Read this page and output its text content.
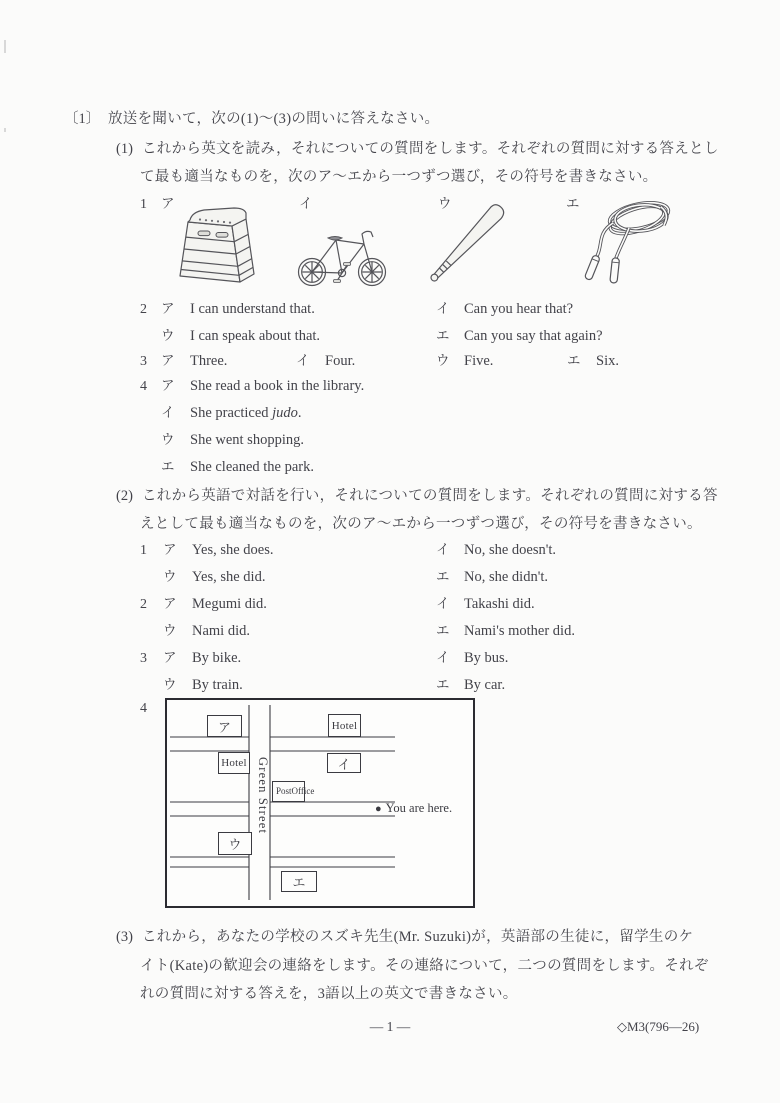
〔1〕 放送を聞いて，次の(1)～(3)の問いに答えなさい。
(1) これから英文を読み，それについての質問をします。それぞれの質問に対する答えとし
て最も適当なものを，次のア～エから一つずつ選び，その符号を書きなさい。
1 ア	イ	ウ	エ
2 ア I can understand that.	イ Can you hear that?
ウ I can speak about that.	エ Can you say that again?
3 ア Three.	イ Four.	ウ Five.	エ Six.
4 ア She read a book in the library.
イ She practiced judo.
ウ She went shopping.
エ She cleaned the park.
(2) これから英語で対話を行い，それについての質問をします。それぞれの質問に対する答
えとして最も適当なものを，次のア～エから一つずつ選び，その符号を書きなさい。
1 ア Yes, she does.	イ No, she doesn't.
ウ Yes, she did.	エ No, she didn't.
2 ア Megumi did.	イ Takashi did.
ウ Nami did.	エ Nami's mother did.
3 ア By bike.	イ By bus.
ウ By train.	エ By car.
4
ア	Hotel
Hotel	イ
Post Office
ウ
エ
Green Street	● You are here.
(3) これから，あなたの学校のスズキ先生(Mr. Suzuki)が，英語部の生徒に，留学生のケ
イト(Kate)の歓迎会の連絡をします。その連絡について，二つの質問をします。それぞ
れの質問に対する答えを，3語以上の英文で書きなさい。
— 1 —	◇M3(796—26)
